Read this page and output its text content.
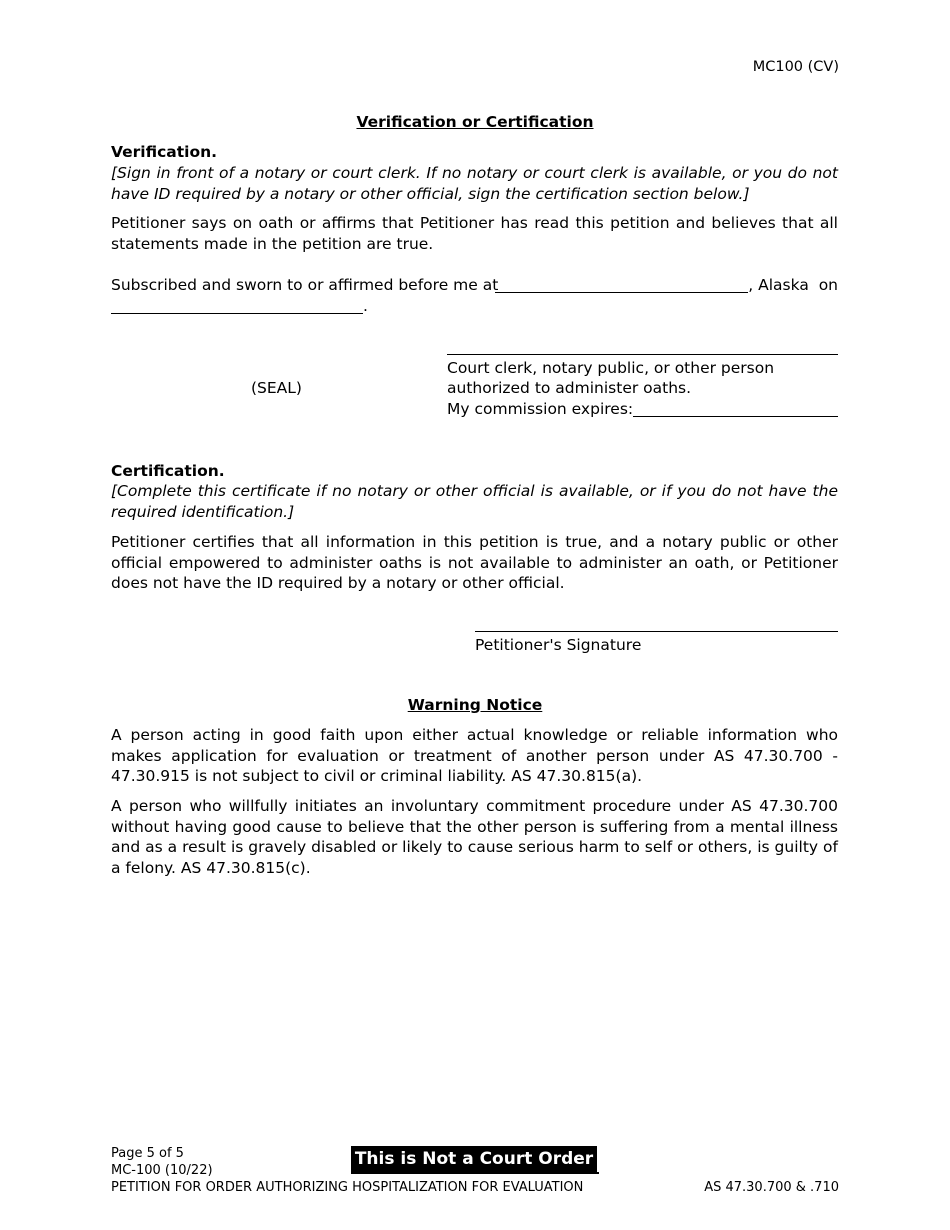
MC100 (CV)
Verification or Certification
Verification.
[Sign in front of a notary or court clerk. If no notary or court clerk is available, or you do not have ID required by a notary or other official, sign the certification section below.]
Petitioner says on oath or affirms that Petitioner has read this petition and believes that all statements made in the petition are true.
Subscribed and sworn to or affirmed before me at	, Alaska  on
.
(SEAL)
Court clerk, notary public, or other person
authorized to administer oaths.
My commission expires:
Certification.
[Complete this certificate if no notary or other official is available, or if you do not have the required identification.]
Petitioner certifies that all information in this petition is true, and a notary public or other official empowered to administer oaths is not available to administer an oath, or Petitioner does not have the ID required by a notary or other official.
Petitioner's Signature
Warning Notice
A person acting in good faith upon either actual knowledge or reliable information who makes application for evaluation or treatment of another person under AS 47.30.700 - 47.30.915 is not subject to civil or criminal liability. AS 47.30.815(a).
A person who willfully initiates an involuntary commitment procedure under AS 47.30.700 without having good cause to believe that the other person is suffering from a mental illness and as a result is gravely disabled or likely to cause serious harm to self or others, is guilty of a felony. AS 47.30.815(c).
Page 5 of 5
MC-100 (10/22)
This is Not a Court Order
PETITION FOR ORDER AUTHORIZING HOSPITALIZATION FOR EVALUATION	AS 47.30.700 & .710
